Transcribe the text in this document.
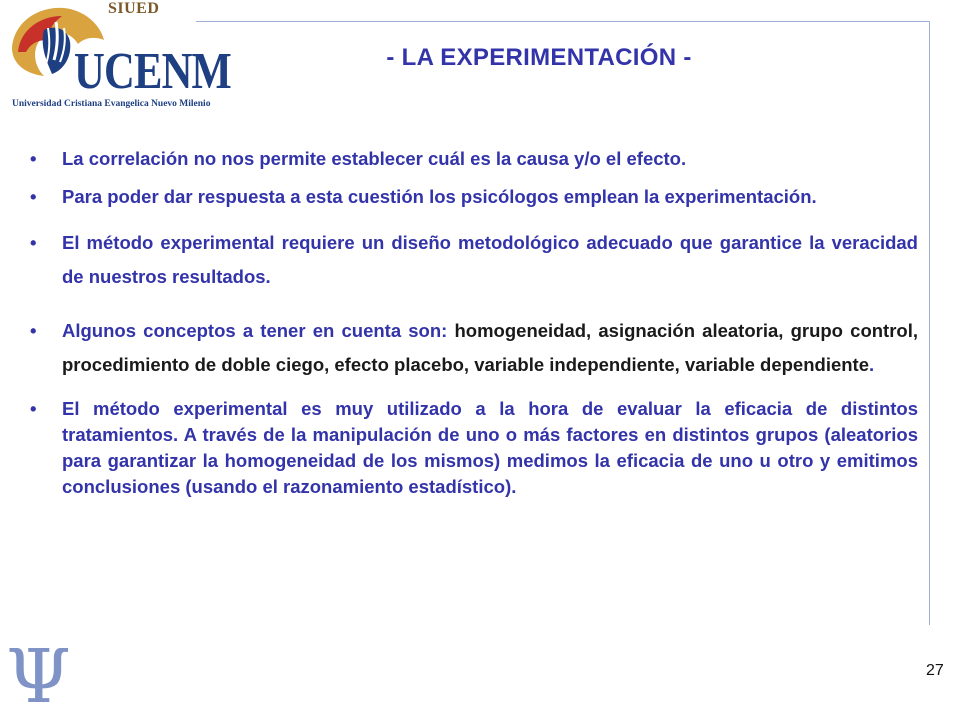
SIUED
UCENM
Universidad Cristiana Evangelica Nuevo Milenio
- LA EXPERIMENTACIÓN -
• La correlación no nos permite establecer cuál es la causa y/o el efecto.
• Para poder dar respuesta a esta cuestión los psicólogos emplean la experimentación.
• El método experimental requiere un diseño metodológico adecuado que garantice la veracidad de nuestros resultados.
• Algunos conceptos a tener en cuenta son: homogeneidad, asignación aleatoria, grupo control, procedimiento de doble ciego, efecto placebo, variable independiente, variable dependiente.
• El método experimental es muy utilizado a la hora de evaluar la eficacia de distintos tratamientos. A través de la manipulación de uno o más factores en distintos grupos (aleatorios para garantizar la homogeneidad de los mismos) medimos la eficacia de uno u otro y emitimos conclusiones (usando el razonamiento estadístico).
Ψ	27
